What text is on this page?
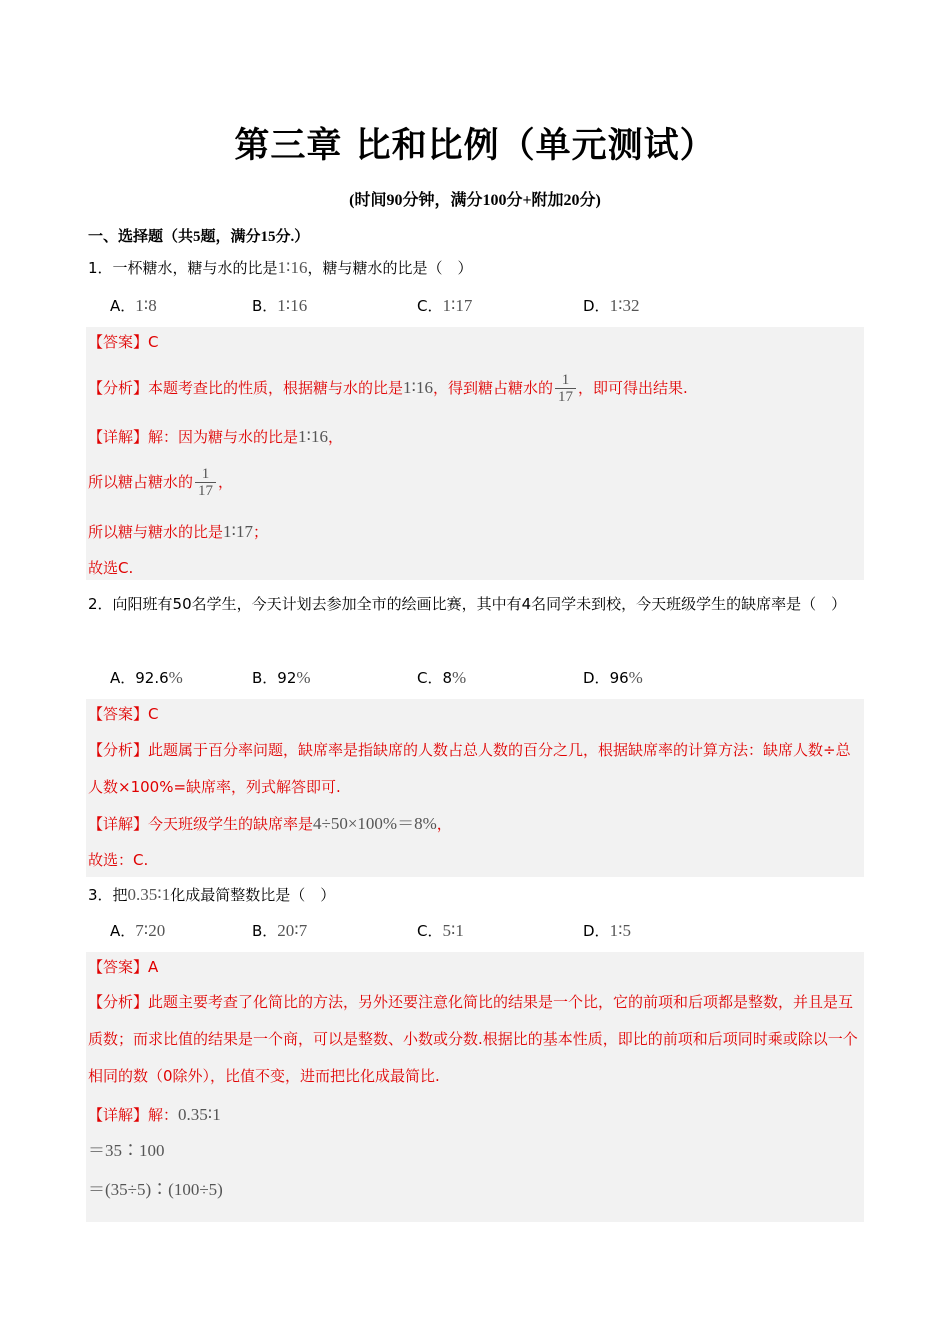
第三章 比和比例（单元测试）
(时间90分钟，满分100分+附加20分)
一、选择题（共5题，满分15分.）
1．一杯糖水，糖与水的比是1∶16，糖与糖水的比是（　）
A．1∶8	B．1∶16	C．1∶17	D．1∶32
【答案】C
【分析】本题考查比的性质，根据糖与水的比是1∶16，得到糖占糖水的 $\frac{1}{17}$ ，即可得出结果.
【详解】解：因为糖与水的比是1∶16，
所以糖占糖水的 $\frac{1}{17}$ ，
所以糖与糖水的比是1∶17；
故选C.
2．向阳班有50名学生，今天计划去参加全市的绘画比赛，其中有4名同学未到校，今天班级学生的缺席率是（　）
A．92.6%	B．92%	C．8%	D．96%
【答案】C
【分析】此题属于百分率问题，缺席率是指缺席的人数占总人数的百分之几，根据缺席率的计算方法：缺席人数÷总人数×100%=缺席率，列式解答即可.
【详解】今天班级学生的缺席率是4÷50×100%＝8%，
故选：C.
3．把0.35∶1化成最简整数比是（　）
A．7∶20	B．20∶7	C．5∶1	D．1∶5
【答案】A
【分析】此题主要考查了化简比的方法，另外还要注意化简比的结果是一个比，它的前项和后项都是整数，并且是互质数；而求比值的结果是一个商，可以是整数、小数或分数.根据比的基本性质，即比的前项和后项同时乘或除以一个相同的数（0除外），比值不变，进而把比化成最简比.
【详解】解：0.35∶1
＝35∶100
＝(35÷5)∶(100÷5)
